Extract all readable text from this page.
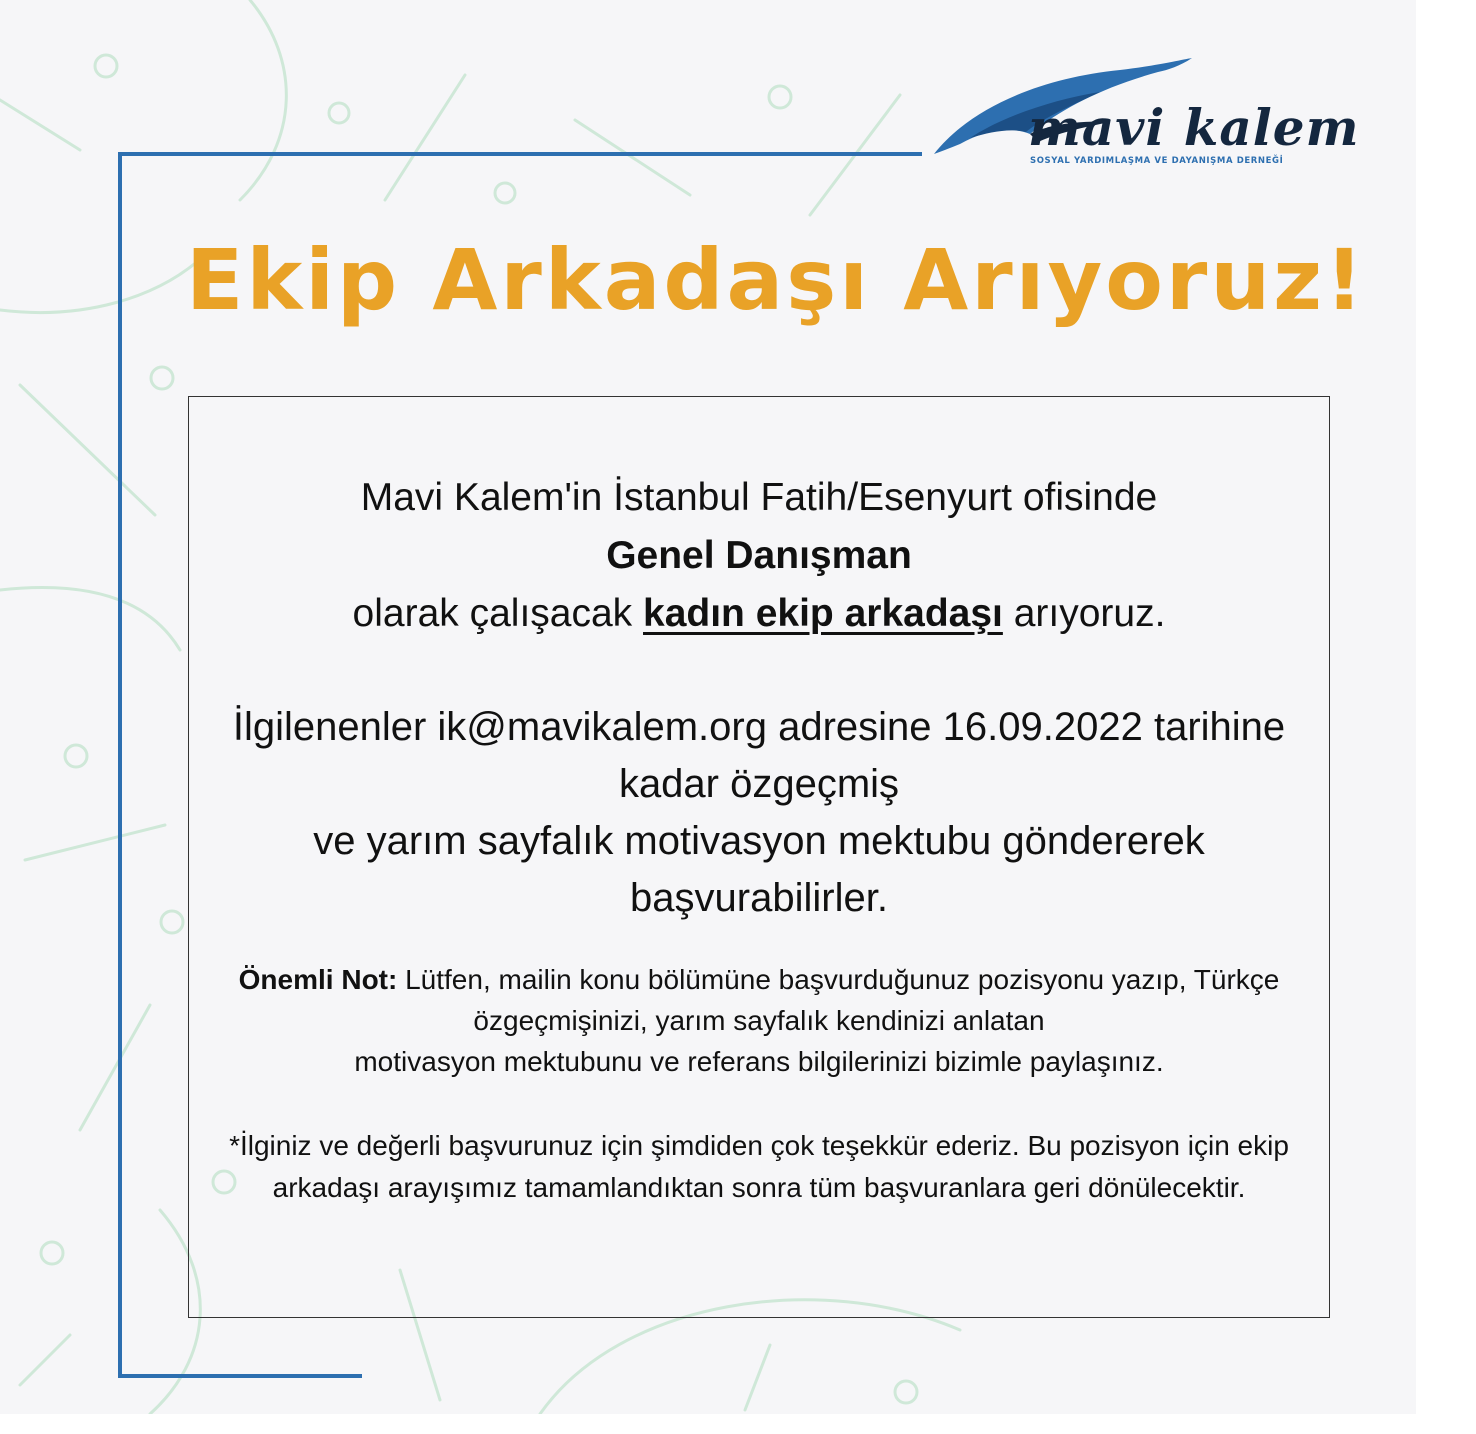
mavi kalem
SOSYAL YARDIMLAŞMA VE DAYANIŞMA DERNEĞİ
Ekip Arkadaşı Arıyoruz!
Mavi Kalem'in İstanbul Fatih/Esenyurt ofisinde
Genel Danışman
olarak çalışacak kadın ekip arkadaşı arıyoruz.
İlgilenenler ik@mavikalem.org adresine 16.09.2022 tarihine
kadar özgeçmiş
ve yarım sayfalık motivasyon mektubu göndererek
başvurabilirler.
Önemli Not: Lütfen, mailin konu bölümüne başvurduğunuz pozisyonu yazıp, Türkçe
özgeçmişinizi, yarım sayfalık kendinizi anlatan
motivasyon mektubunu ve referans bilgilerinizi bizimle paylaşınız.
*İlginiz ve değerli başvurunuz için şimdiden çok teşekkür ederiz. Bu pozisyon için ekip
arkadaşı arayışımız tamamlandıktan sonra tüm başvuranlara geri dönülecektir.
